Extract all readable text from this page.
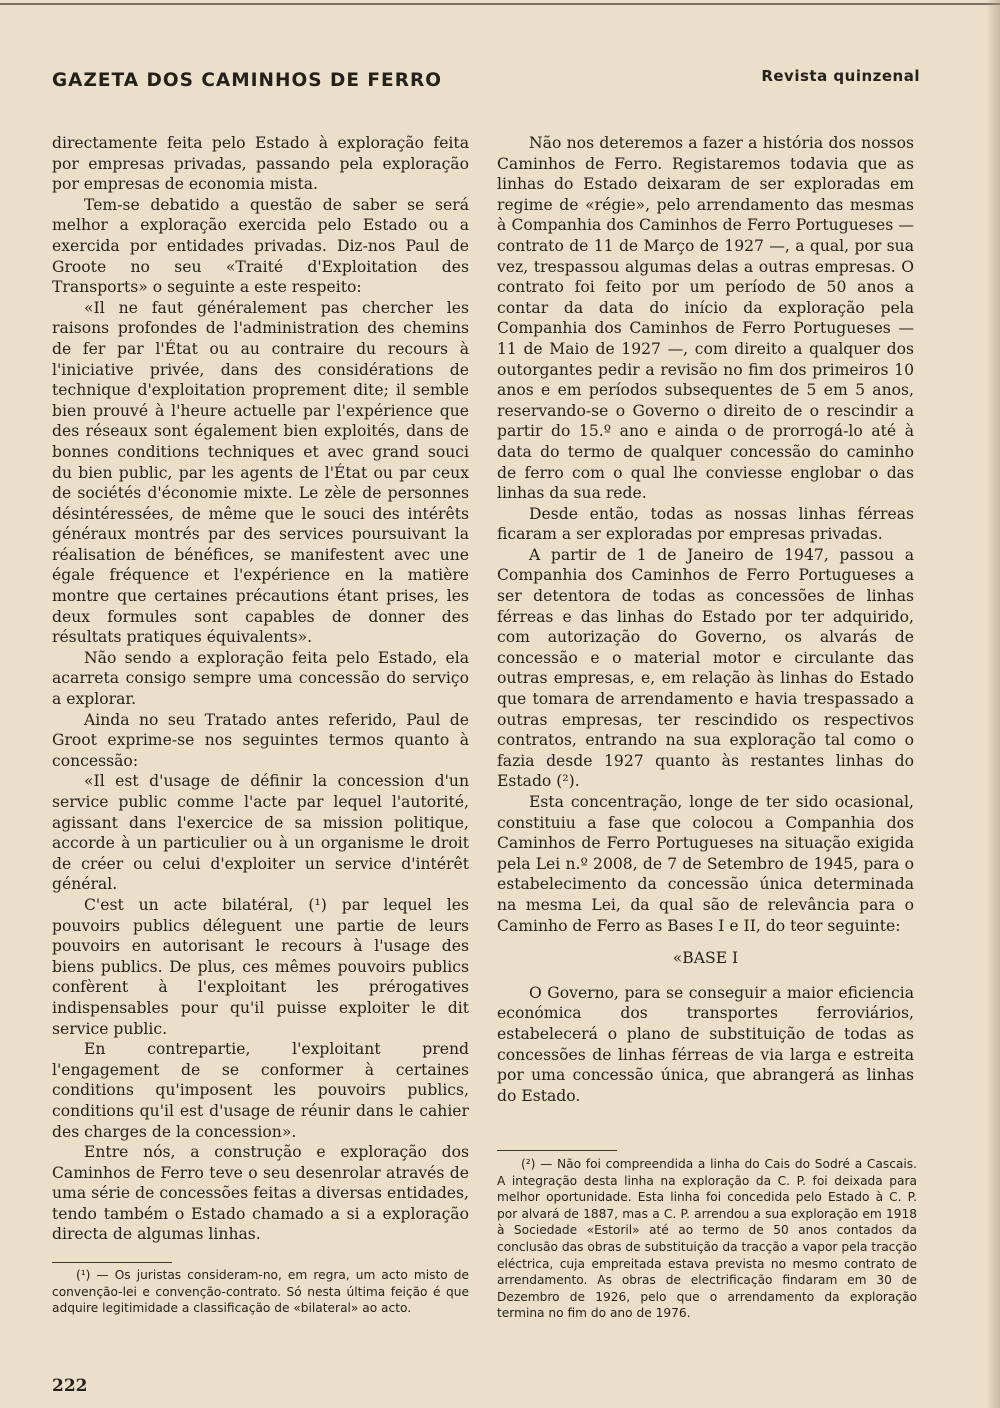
GAZETA DOS CAMINHOS DE FERRO	Revista quinzenal

directamente feita pelo Estado à exploração feita por empresas privadas, passando pela exploração por empresas de economia mista.

Tem-se debatido a questão de saber se será melhor a exploração exercida pelo Estado ou a exercida por entidades privadas. Diz-nos Paul de Groote no seu «Traité d'Exploitation des Transports» o seguinte a este respeito:

«Il ne faut généralement pas chercher les raisons profondes de l'administration des chemins de fer par l'État ou au contraire du recours à l'iniciative privée, dans des considérations de technique d'exploitation proprement dite; il semble bien prouvé à l'heure actuelle par l'expérience que des réseaux sont également bien exploités, dans de bonnes conditions techniques et avec grand souci du bien public, par les agents de l'État ou par ceux de sociétés d'économie mixte. Le zèle de personnes désintéressées, de même que le souci des intérêts généraux montrés par des services poursuivant la réalisation de bénéfices, se manifestent avec une égale fréquence et l'expérience en la matière montre que certaines précautions étant prises, les deux formules sont capables de donner des résultats pratiques équivalents».

Não sendo a exploração feita pelo Estado, ela acarreta consigo sempre uma concessão do serviço a explorar.

Ainda no seu Tratado antes referido, Paul de Groot exprime-se nos seguintes termos quanto à concessão:

«Il est d'usage de définir la concession d'un service public comme l'acte par lequel l'autorité, agissant dans l'exercice de sa mission politique, accorde à un particulier ou à un organisme le droit de créer ou celui d'exploiter un service d'intérêt général.

C'est un acte bilatéral, (¹) par lequel les pouvoirs publics déleguent une partie de leurs pouvoirs en autorisant le recours à l'usage des biens publics. De plus, ces mêmes pouvoirs publics confèrent à l'exploitant les prérogatives indispensables pour qu'il puisse exploiter le dit service public.

En contrepartie, l'exploitant prend l'engagement de se conformer à certaines conditions qu'imposent les pouvoirs publics, conditions qu'il est d'usage de réunir dans le cahier des charges de la concession».

Entre nós, a construção e exploração dos Caminhos de Ferro teve o seu desenrolar através de uma série de concessões feitas a diversas entidades, tendo também o Estado chamado a si a exploração directa de algumas linhas.

(¹) — Os juristas consideram-no, em regra, um acto misto de convenção-lei e convenção-contrato. Só nesta última feição é que adquire legitimidade a classificação de «bilateral» ao acto.

Não nos deteremos a fazer a história dos nossos Caminhos de Ferro. Registaremos todavia que as linhas do Estado deixaram de ser exploradas em regime de «régie», pelo arrendamento das mesmas à Companhia dos Caminhos de Ferro Portugueses — contrato de 11 de Março de 1927 —, a qual, por sua vez, trespassou algumas delas a outras empresas. O contrato foi feito por um período de 50 anos a contar da data do início da exploração pela Companhia dos Caminhos de Ferro Portugueses — 11 de Maio de 1927 —, com direito a qualquer dos outorgantes pedir a revisão no fim dos primeiros 10 anos e em períodos subsequentes de 5 em 5 anos, reservando-se o Governo o direito de o rescindir a partir do 15.º ano e ainda o de prorrogá-lo até à data do termo de qualquer concessão do caminho de ferro com o qual lhe conviesse englobar o das linhas da sua rede.

Desde então, todas as nossas linhas férreas ficaram a ser exploradas por empresas privadas.

A partir de 1 de Janeiro de 1947, passou a Companhia dos Caminhos de Ferro Portugueses a ser detentora de todas as concessões de linhas férreas e das linhas do Estado por ter adquirido, com autorização do Governo, os alvarás de concessão e o material motor e circulante das outras empresas, e, em relação às linhas do Estado que tomara de arrendamento e havia trespassado a outras empresas, ter rescindido os respectivos contratos, entrando na sua exploração tal como o fazia desde 1927 quanto às restantes linhas do Estado (²).

Esta concentração, longe de ter sido ocasional, constituiu a fase que colocou a Companhia dos Caminhos de Ferro Portugueses na situação exigida pela Lei n.º 2008, de 7 de Setembro de 1945, para o estabelecimento da concessão única determinada na mesma Lei, da qual são de relevância para o Caminho de Ferro as Bases I e II, do teor seguinte:

«BASE I

O Governo, para se conseguir a maior eficiencia económica dos transportes ferroviários, estabelecerá o plano de substituição de todas as concessões de linhas férreas de via larga e estreita por uma concessão única, que abrangerá as linhas do Estado.

(²) — Não foi compreendida a linha do Cais do Sodré a Cascais. A integração desta linha na exploração da C. P. foi deixada para melhor oportunidade. Esta linha foi concedida pelo Estado à C. P. por alvará de 1887, mas a C. P. arrendou a sua exploração em 1918 à Sociedade «Estoril» até ao termo de 50 anos contados da conclusão das obras de substituição da tracção a vapor pela tracção eléctrica, cuja empreitada estava prevista no mesmo contrato de arrendamento. As obras de electrificação findaram em 30 de Dezembro de 1926, pelo que o arrendamento da exploração termina no fim do ano de 1976.

222
